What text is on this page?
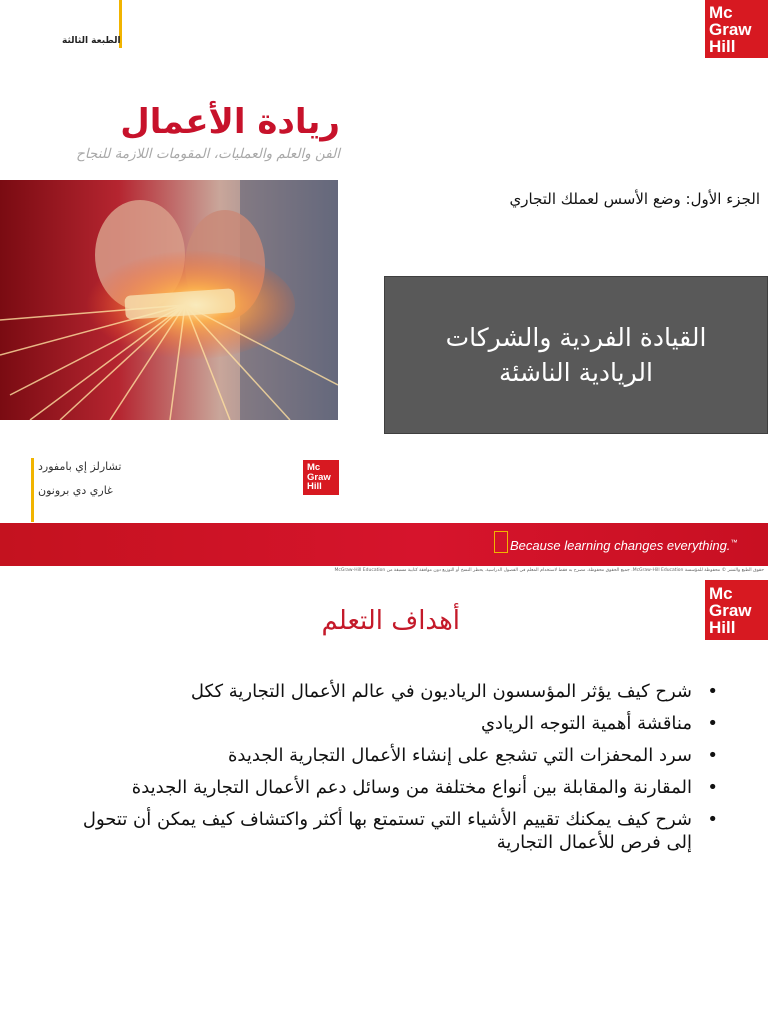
Mc
Graw
Hill
الطبعة الثالثة
ريادة الأعمال
الفن والعلم والعمليات، المقومات اللازمة للنجاح
الجزء الأول: وضع الأسس لعملك التجاري
القيادة الفردية والشركات
الريادية الناشئة
تشارلز إي بامفورد
غاري دي برونون
Mc
Graw
Hill
Because learning changes everything.™
حقوق الطبع والنشر © محفوظة للمؤسسة McGraw-Hill Education. جميع الحقوق محفوظة. مصرح به فقط لاستخدام المعلم في الفصول الدراسية. يحظر النسخ أو التوزيع دون موافقة كتابية مسبقة من McGraw-Hill Education
Mc
Graw
Hill
أهداف التعلم
•
شرح كيف يؤثر المؤسسون الرياديون في عالم الأعمال التجارية ككل
•
مناقشة أهمية التوجه الريادي
•
سرد المحفزات التي تشجع على إنشاء الأعمال التجارية الجديدة
•
المقارنة والمقابلة بين أنواع مختلفة من وسائل دعم الأعمال التجارية الجديدة
•
شرح كيف يمكنك تقييم الأشياء التي تستمتع بها أكثر واكتشاف كيف يمكن أن تتحول إلى فرص للأعمال التجارية
